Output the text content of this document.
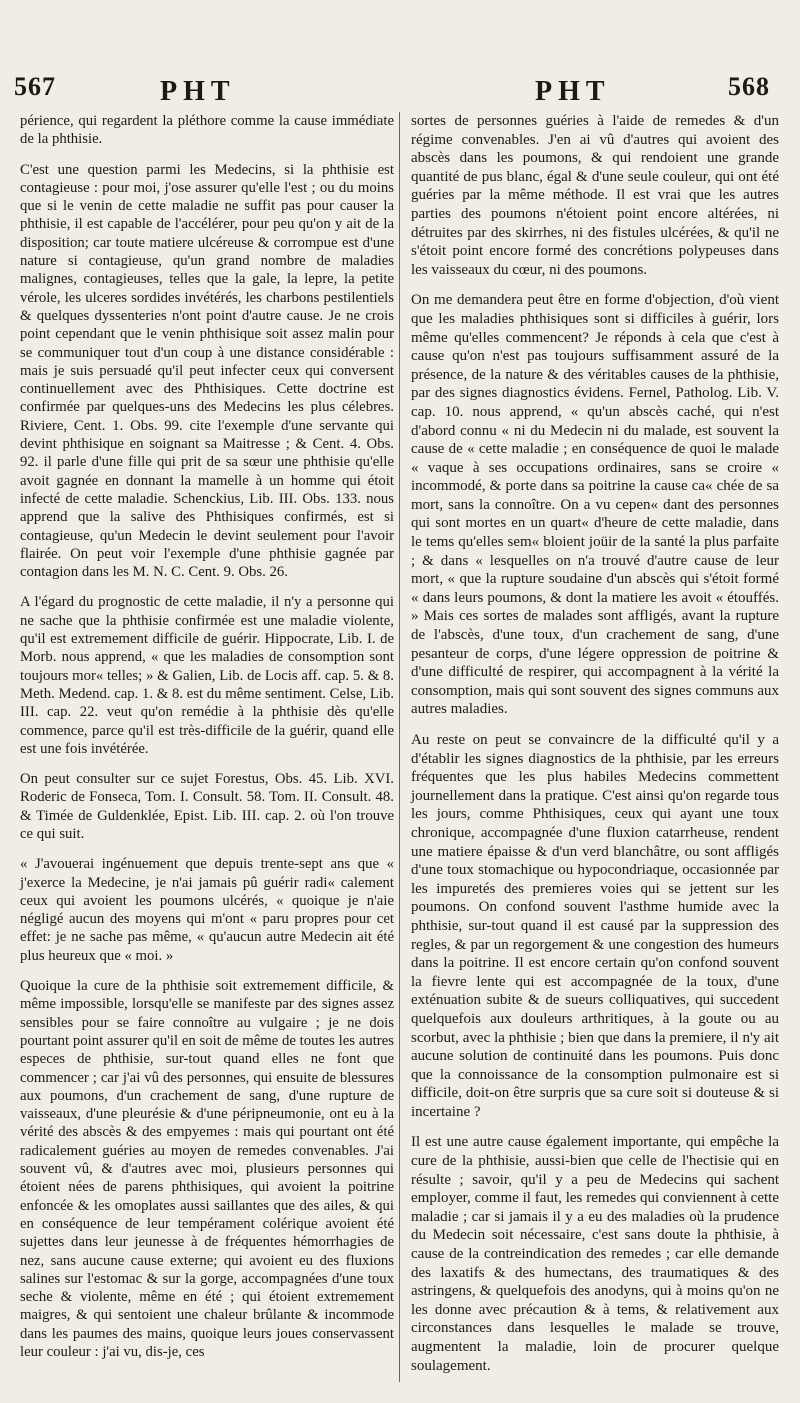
567	PHT	PHT	568

périence, qui regardent la pléthore comme la cause immédiate de la phthisie.

C'est une question parmi les Medecins, si la phthisie est contagieuse : pour moi, j'ose assurer qu'elle l'est ; ou du moins que si le venin de cette maladie ne suffit pas pour causer la phthisie, il est capable de l'accélérer, pour peu qu'on y ait de la disposition; car toute matiere ulcéreuse & corrompue est d'une nature si contagieuse, qu'un grand nombre de maladies malignes, contagieuses, telles que la gale, la lepre, la petite vérole, les ulceres sordides invétérés, les charbons pestilentiels & quelques dyssenteries n'ont point d'autre cause. Je ne crois point cependant que le venin phthisique soit assez malin pour se communiquer tout d'un coup à une distance considérable : mais je suis persuadé qu'il peut infecter ceux qui conversent continuellement avec des Phthisiques. Cette doctrine est confirmée par quelques-uns des Medecins les plus célebres. Riviere, Cent. 1. Obs. 99. cite l'exemple d'une servante qui devint phthisique en soignant sa Maitresse ; & Cent. 4. Obs. 92. il parle d'une fille qui prit de sa sœur une phthisie qu'elle avoit gagnée en donnant la mamelle à un homme qui étoit infecté de cette maladie. Schenckius, Lib. III. Obs. 133. nous apprend que la salive des Phthisiques confirmés, est si contagieuse, qu'un Medecin le devint seulement pour l'avoir flairée. On peut voir l'exemple d'une phthisie gagnée par contagion dans les M. N. C. Cent. 9. Obs. 26.

A l'égard du prognostic de cette maladie, il n'y a personne qui ne sache que la phthisie confirmée est une maladie violente, qu'il est extremement difficile de guérir. Hippocrate, Lib. I. de Morb. nous apprend, « que les maladies de consomption sont toujours mor« telles; » & Galien, Lib. de Locis aff. cap. 5. & 8. Meth. Medend. cap. 1. & 8. est du même sentiment. Celse, Lib. III. cap. 22. veut qu'on remédie à la phthisie dès qu'elle commence, parce qu'il est très-difficile de la guérir, quand elle est une fois invétérée.

On peut consulter sur ce sujet Forestus, Obs. 45. Lib. XVI. Roderic de Fonseca, Tom. I. Consult. 58. Tom. II. Consult. 48. & Timée de Guldenklée, Epist. Lib. III. cap. 2. où l'on trouve ce qui suit.

« J'avouerai ingénuement que depuis trente-sept ans que « j'exerce la Medecine, je n'ai jamais pû guérir radi« calement ceux qui avoient les poumons ulcérés, « quoique je n'aie négligé aucun des moyens qui m'ont « paru propres pour cet effet: je ne sache pas même, « qu'aucun autre Medecin ait été plus heureux que « moi. »

Quoique la cure de la phthisie soit extremement difficile, & même impossible, lorsqu'elle se manifeste par des signes assez sensibles pour se faire connoître au vulgaire ; je ne dois pourtant point assurer qu'il en soit de même de toutes les autres especes de phthisie, sur-tout quand elles ne font que commencer ; car j'ai vû des personnes, qui ensuite de blessures aux poumons, d'un crachement de sang, d'une rupture de vaisseaux, d'une pleurésie & d'une péripneumonie, ont eu à la vérité des abscès & des empyemes : mais qui pourtant ont été radicalement guéries au moyen de remedes convenables. J'ai souvent vû, & d'autres avec moi, plusieurs personnes qui étoient nées de parens phthisiques, qui avoient la poitrine enfoncée & les omoplates aussi saillantes que des ailes, & qui en conséquence de leur tempérament colérique avoient été sujettes dans leur jeunesse à de fréquentes hémorrhagies de nez, sans aucune cause externe; qui avoient eu des fluxions salines sur l'estomac & sur la gorge, accompagnées d'une toux seche & violente, même en été ; qui étoient extremement maigres, & qui sentoient une chaleur brûlante & incommode dans les paumes des mains, quoique leurs joues conservassent leur couleur : j'ai vu, dis-je, ces

sortes de personnes guéries à l'aide de remedes & d'un régime convenables. J'en ai vû d'autres qui avoient des abscès dans les poumons, & qui rendoient une grande quantité de pus blanc, égal & d'une seule couleur, qui ont été guéries par la même méthode. Il est vrai que les autres parties des poumons n'étoient point encore altérées, ni détruites par des skirrhes, ni des fistules ulcérées, & qu'il ne s'étoit point encore formé des concrétions polypeuses dans les vaisseaux du cœur, ni des poumons.

On me demandera peut être en forme d'objection, d'où vient que les maladies phthisiques sont si difficiles à guérir, lors même qu'elles commencent? Je réponds à cela que c'est à cause qu'on n'est pas toujours suffisamment assuré de la présence, de la nature & des véritables causes de la phthisie, par des signes diagnostics évidens. Fernel, Patholog. Lib. V. cap. 10. nous apprend, « qu'un abscès caché, qui n'est d'abord connu « ni du Medecin ni du malade, est souvent la cause de « cette maladie ; en conséquence de quoi le malade « vaque à ses occupations ordinaires, sans se croire « incommodé, & porte dans sa poitrine la cause ca« chée de sa mort, sans la connoître. On a vu cepen« dant des personnes qui sont mortes en un quart« d'heure de cette maladie, dans le tems qu'elles sem« bloient joüir de la santé la plus parfaite ; & dans « lesquelles on n'a trouvé d'autre cause de leur mort, « que la rupture soudaine d'un abscès qui s'étoit formé « dans leurs poumons, & dont la matiere les avoit « étouffés. » Mais ces sortes de malades sont affligés, avant la rupture de l'abscès, d'une toux, d'un crachement de sang, d'une pesanteur de corps, d'une légere oppression de poitrine & d'une difficulté de respirer, qui accompagnent à la vérité la consomption, mais qui sont souvent des signes communs aux autres maladies.

Au reste on peut se convaincre de la difficulté qu'il y a d'établir les signes diagnostics de la phthisie, par les erreurs fréquentes que les plus habiles Medecins commettent journellement dans la pratique. C'est ainsi qu'on regarde tous les jours, comme Phthisiques, ceux qui ayant une toux chronique, accompagnée d'une fluxion catarrheuse, rendent une matiere épaisse & d'un verd blanchâtre, ou sont affligés d'une toux stomachique ou hypocondriaque, occasionnée par les impuretés des premieres voies qui se jettent sur les poumons. On confond souvent l'asthme humide avec la phthisie, sur-tout quand il est causé par la suppression des regles, & par un regorgement & une congestion des humeurs dans la poitrine. Il est encore certain qu'on confond souvent la fievre lente qui est accompagnée de la toux, d'une exténuation subite & de sueurs colliquatives, qui succedent quelquefois aux douleurs arthritiques, à la goute ou au scorbut, avec la phthisie ; bien que dans la premiere, il n'y ait aucune solution de continuité dans les poumons. Puis donc que la connoissance de la consomption pulmonaire est si difficile, doit-on être surpris que sa cure soit si douteuse & si incertaine ?

Il est une autre cause également importante, qui empêche la cure de la phthisie, aussi-bien que celle de l'hectisie qui en résulte ; savoir, qu'il y a peu de Medecins qui sachent employer, comme il faut, les remedes qui conviennent à cette maladie ; car si jamais il y a eu des maladies où la prudence du Medecin soit nécessaire, c'est sans doute la phthisie, à cause de la contreindication des remedes ; car elle demande des laxatifs & des humectans, des traumatiques & des astringens, & quelquefois des anodyns, qui à moins qu'on ne les donne avec précaution & à tems, & relativement aux circonstances dans lesquelles le malade se trouve, augmentent la maladie, loin de procurer quelque soulagement.
